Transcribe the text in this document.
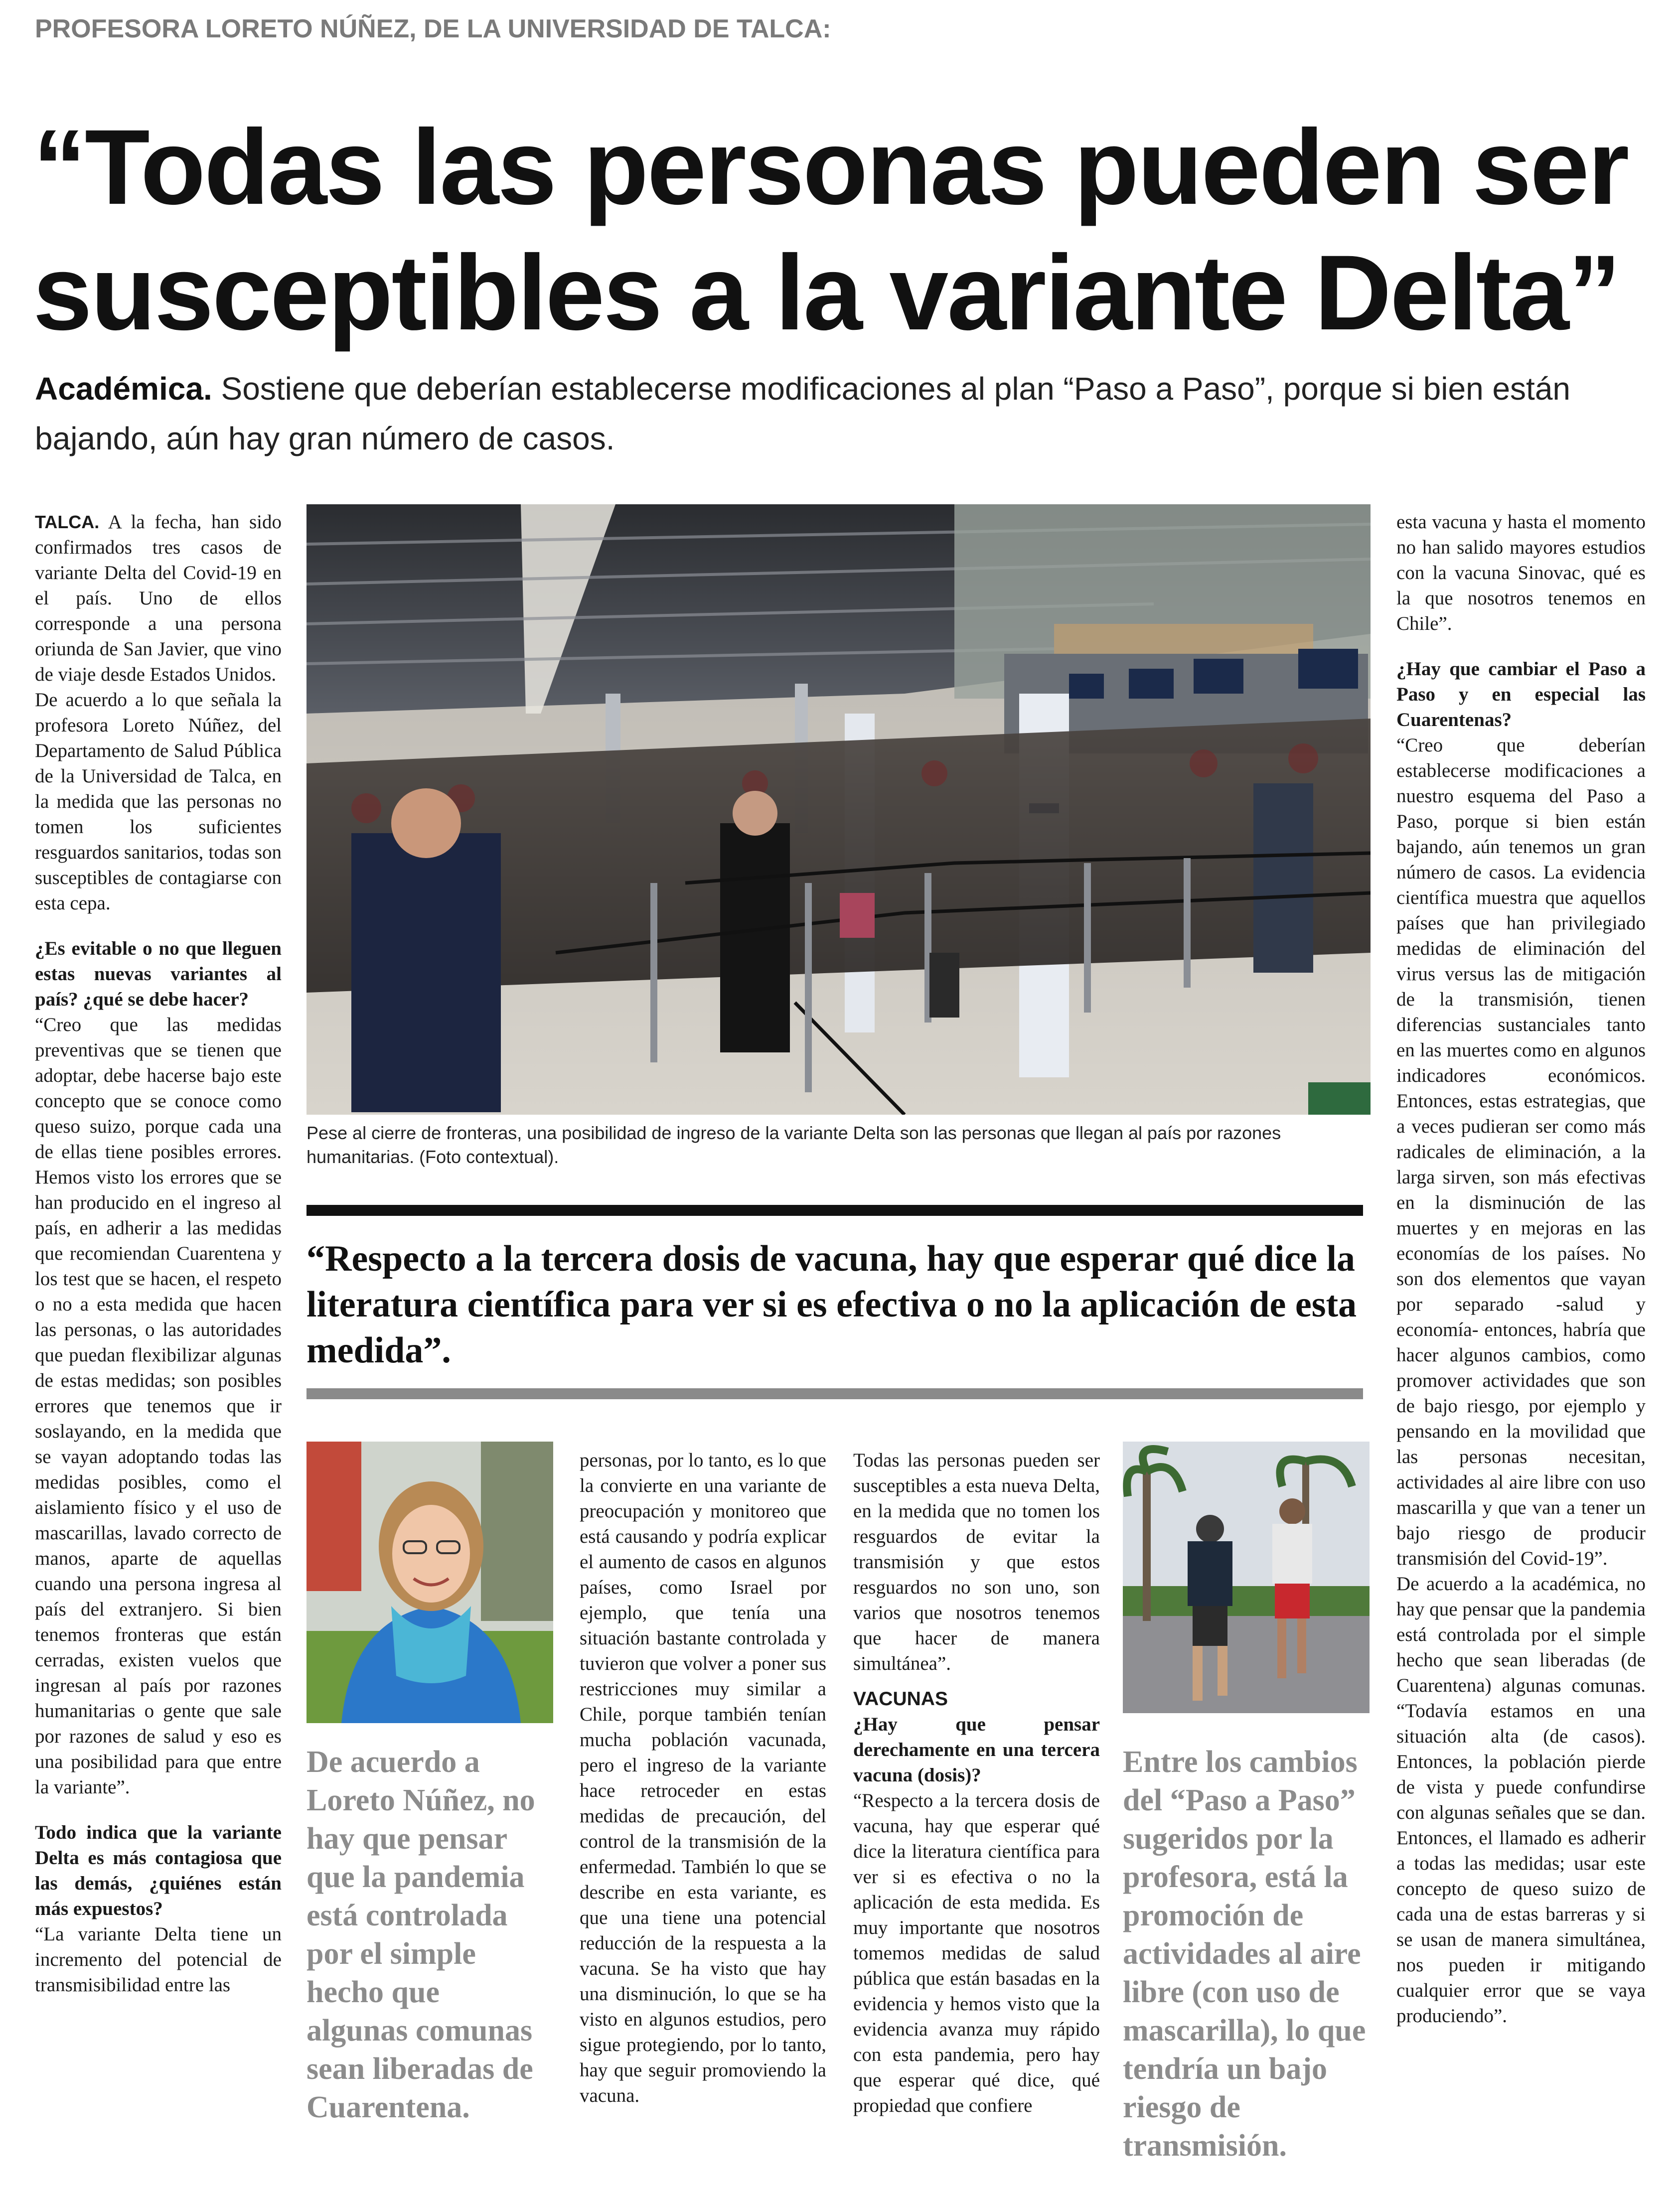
PROFESORA LORETO NÚÑEZ, DE LA UNIVERSIDAD DE TALCA:
“Todas las personas pueden ser susceptibles a la variante Delta”
Académica. Sostiene que deberían establecerse modificaciones al plan “Paso a Paso”, porque si bien están bajando, aún hay gran número de casos.

TALCA. A la fecha, han sido confirmados tres casos de variante Delta del Covid-19 en el país. Uno de ellos corresponde a una persona oriunda de San Javier, que vino de viaje desde Estados Unidos.

De acuerdo a lo que señala la profesora Loreto Núñez, del Departamento de Salud Pública de la Universidad de Talca, en la medida que las personas no tomen los suficientes resguardos sanitarios, todas son susceptibles de contagiarse con esta cepa.

¿Es evitable o no que lleguen estas nuevas variantes al país? ¿qué se debe hacer?

“Creo que las medidas preventivas que se tienen que adoptar, debe hacerse bajo este concepto que se conoce como queso suizo, porque cada una de ellas tiene posibles errores. Hemos visto los errores que se han producido en el ingreso al país, en adherir a las medidas que recomiendan Cuarentena y los test que se hacen, el respeto o no a esta medida que hacen las personas, o las autoridades que puedan flexibilizar algunas de estas medidas; son posibles errores que tenemos que ir soslayando, en la medida que se vayan adoptando todas las medidas posibles, como el aislamiento físico y el uso de mascarillas, lavado correcto de manos, aparte de aquellas cuando una persona ingresa al país del extranjero. Si bien tenemos fronteras que están cerradas, existen vuelos que ingresan al país por razones humanitarias o gente que sale por razones de salud y eso es una posibilidad para que entre la variante”.

Todo indica que la variante Delta es más contagiosa que las demás, ¿quiénes están más expuestos?

“La variante Delta tiene un incremento del potencial de transmisibilidad entre las

Pese al cierre de fronteras, una posibilidad de ingreso de la variante Delta son las personas que llegan al país por razones humanitarias. (Foto contextual).
“Respecto a la tercera dosis de vacuna, hay que esperar qué dice la literatura científica para ver si es efectiva o no la aplicación de esta medida”.
De acuerdo a Loreto Núñez, no hay que pensar que la pandemia está controlada por el simple hecho que algunas comunas sean liberadas de Cuarentena.

personas, por lo tanto, es lo que la convierte en una variante de preocupación y monitoreo que está causando y podría explicar el aumento de casos en algunos países, como Israel por ejemplo, que tenía una situación bastante controlada y tuvieron que volver a poner sus restricciones muy similar a Chile, porque también tenían mucha población vacunada, pero el ingreso de la variante hace retroceder en estas medidas de precaución, del control de la transmisión de la enfermedad. También lo que se describe en esta variante, es que una tiene una potencial reducción de la respuesta a la vacuna. Se ha visto que hay una disminución, lo que se ha visto en algunos estudios, pero sigue protegiendo, por lo tanto, hay que seguir promoviendo la vacuna.

Todas las personas pueden ser susceptibles a esta nueva Delta, en la medida que no tomen los resguardos de evitar la transmisión y que estos resguardos no son uno, son varios que nosotros tenemos que hacer de manera simultánea”.

VACUNAS

¿Hay que pensar derechamente en una tercera vacuna (dosis)?

“Respecto a la tercera dosis de vacuna, hay que esperar qué dice la literatura científica para ver si es efectiva o no la aplicación de esta medida. Es muy importante que nosotros tomemos medidas de salud pública que están basadas en la evidencia y hemos visto que la evidencia avanza muy rápido con esta pandemia, pero hay que esperar qué dice, qué propiedad que confiere

Entre los cambios del “Paso a Paso” sugeridos por la profesora, está la promoción de actividades al aire libre (con uso de mascarilla), lo que tendría un bajo riesgo de transmisión.

esta vacuna y hasta el momento no han salido mayores estudios con la vacuna Sinovac, qué es la que nosotros tenemos en Chile”.

¿Hay que cambiar el Paso a Paso y en especial las Cuarentenas?

“Creo que deberían establecerse modificaciones a nuestro esquema del Paso a Paso, porque si bien están bajando, aún tenemos un gran número de casos. La evidencia científica muestra que aquellos países que han privilegiado medidas de eliminación del virus versus las de mitigación de la transmisión, tienen diferencias sustanciales tanto en las muertes como en algunos indicadores económicos. Entonces, estas estrategias, que a veces pudieran ser como más radicales de eliminación, a la larga sirven, son más efectivas en la disminución de las muertes y en mejoras en las economías de los países. No son dos elementos que vayan por separado -salud y economía- entonces, habría que hacer algunos cambios, como promover actividades que son de bajo riesgo, por ejemplo y pensando en la movilidad que las personas necesitan, actividades al aire libre con uso mascarilla y que van a tener un bajo riesgo de producir transmisión del Covid-19”.

De acuerdo a la académica, no hay que pensar que la pandemia está controlada por el simple hecho que sean liberadas (de Cuarentena) algunas comunas. “Todavía estamos en una situación alta (de casos). Entonces, la población pierde de vista y puede confundirse con algunas señales que se dan. Entonces, el llamado es adherir a todas las medidas; usar este concepto de queso suizo de cada una de estas barreras y si se usan de manera simultánea, nos pueden ir mitigando cualquier error que se vaya produciendo”.
